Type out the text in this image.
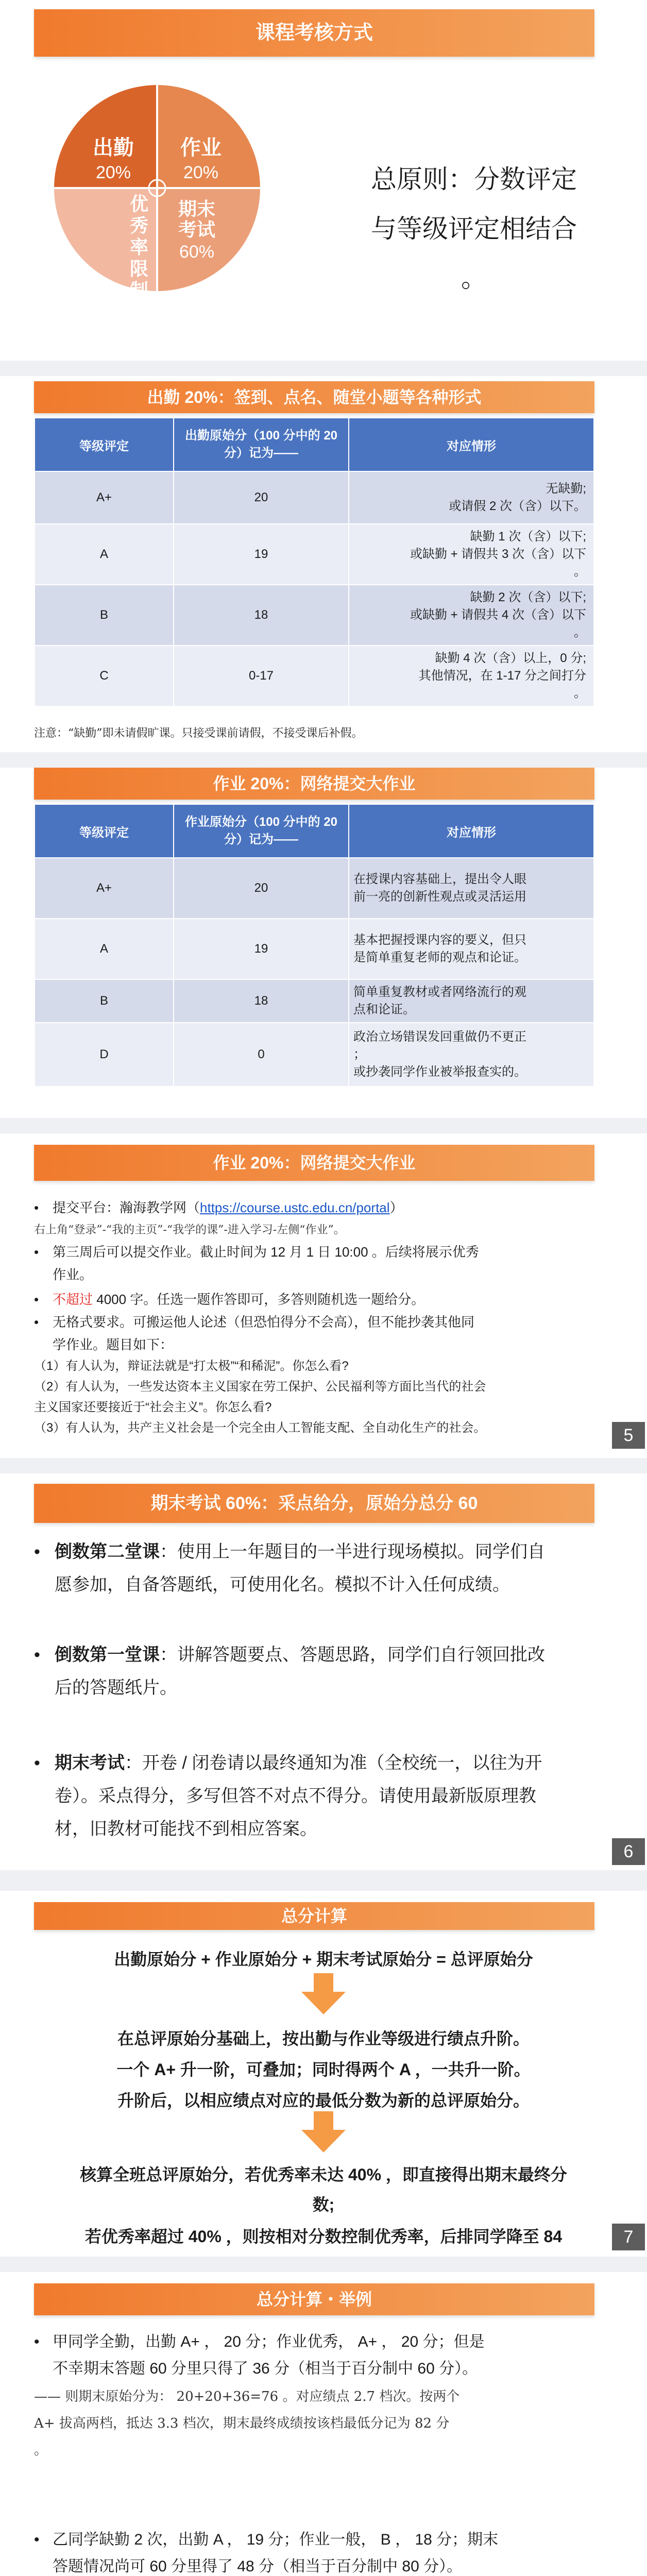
课程考核方式
出勤
20%
作业
20%
期末
考试
60%
优
秀
率
限
制
总原则：分数评定
与等级评定相结合
。
出勤 20%：签到、点名、随堂小题等各种形式
等级评定	出勤原始分（100 分中的 20 分）记为——	对应情形
A+	20	无缺勤;
或请假 2 次（含）以下。

A	19	缺勤 1 次（含）以下;
或缺勤 + 请假共 3 次（含）以下
。

B	18	缺勤 2 次（含）以下;
或缺勤 + 请假共 4 次（含）以下
。

C	0-17	缺勤 4 次（含）以上，0 分;
其他情况，在 1-17 分之间打分
。
注意：“缺勤”即未请假旷课。只接受课前请假，不接受课后补假。
作业 20%：网络提交大作业
等级评定	作业原始分（100 分中的 20 分）记为——	对应情形
A+	20	在授课内容基础上，提出令人眼
前一亮的创新性观点或灵活运用

A	19	基本把握授课内容的要义，但只
是简单重复老师的观点和论证。

B	18	简单重复教材或者网络流行的观
点和论证。

D	0	政治立场错误发回重做仍不更正
；
或抄袭同学作业被举报查实的。
作业 20%：网络提交大作业
• 提交平台：瀚海教学网（https://course.ustc.edu.cn/portal）
右上角“登录”-“我的主页”-“我学的课”-进入学习-左侧“作业”。
• 第三周后可以提交作业。截止时间为 12 月 1 日 10:00 。后续将展示优秀
作业。
• 不超过 4000 字。任选一题作答即可，多答则随机选一题给分。
• 无格式要求。可搬运他人论述（但恐怕得分不会高），但不能抄袭其他同
学作业。题目如下：
（1）有人认为，辩证法就是“打太极”“和稀泥”。你怎么看?
（2）有人认为，一些发达资本主义国家在劳工保护、公民福利等方面比当代的社会
主义国家还要接近于“社会主义”。你怎么看?
（3）有人认为，共产主义社会是一个完全由人工智能支配、全自动化生产的社会。	5
期末考试 60%：采点给分，原始分总分 60
• 倒数第二堂课：使用上一年题目的一半进行现场模拟。同学们自
愿参加，自备答题纸，可使用化名。模拟不计入任何成绩。
• 倒数第一堂课：讲解答题要点、答题思路，同学们自行领回批改
后的答题纸片。
• 期末考试：开卷 / 闭卷请以最终通知为准（全校统一，以往为开
卷）。采点得分，多写但答不对点不得分。请使用最新版原理教
材，旧教材可能找不到相应答案。
6
总分计算
出勤原始分 + 作业原始分 + 期末考试原始分 = 总评原始分
在总评原始分基础上，按出勤与作业等级进行绩点升阶。
一个 A+ 升一阶，可叠加；同时得两个 A ，一共升一阶。
升阶后，以相应绩点对应的最低分数为新的总评原始分。
核算全班总评原始分，若优秀率未达 40% ，即直接得出期末最终分
数;
若优秀率超过 40% ，则按相对分数控制优秀率，后排同学降至 84	7
总分计算・举例
• 甲同学全勤，出勤 A+ ， 20 分；作业优秀， A+ ， 20 分；但是
不幸期末答题 60 分里只得了 36 分（相当于百分制中 60 分）。
—— 则期末原始分为： 20+20+36=76 。对应绩点 2.7 档次。按两个
A+ 拔高两档，抵达 3.3 档次，期末最终成绩按该档最低分记为 82 分
。
• 乙同学缺勤 2 次，出勤 A ， 19 分；作业一般， B ， 18 分；期末
答题情况尚可 60 分里得了 48 分（相当于百分制中 80 分）。
